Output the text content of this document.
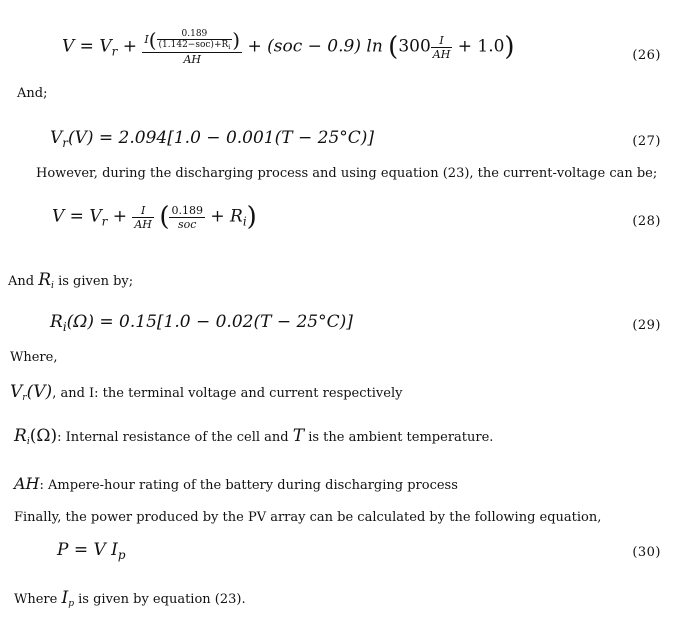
$V = V_r + \frac{I( \frac{0.189}{(1.142-soc)+R_i} )}{AH} + (soc - 0.9)$ $\ln (300 \frac{I}{AH} + 1.0)$	(26)
And;
$V_r(V) = 2.094[1.0 - 0.001(T - 25^\circ C)]$	(27)
However, during the discharging process and using equation (23), the current-voltage can be;
$V = V_r + \frac{I}{AH}$ ( $\frac{0.189}{\text{soc}} + R_i$)	(28)
And $R_i$ is given by;
$R_i(\Omega) = 0.15[1.0 - 0.02(T - 25^\circ C)]$	(29)
Where,
$V_r(V)$, and I: the terminal voltage and current respectively
$R_i(\Omega)$: Internal resistance of the cell and T is the ambient temperature.
AH: Ampere-hour rating of the battery during discharging process
Finally, the power produced by the PV array can be calculated by the following equation,
P = V $I_p$	(30)
Where $I_p$ is given by equation (23).
